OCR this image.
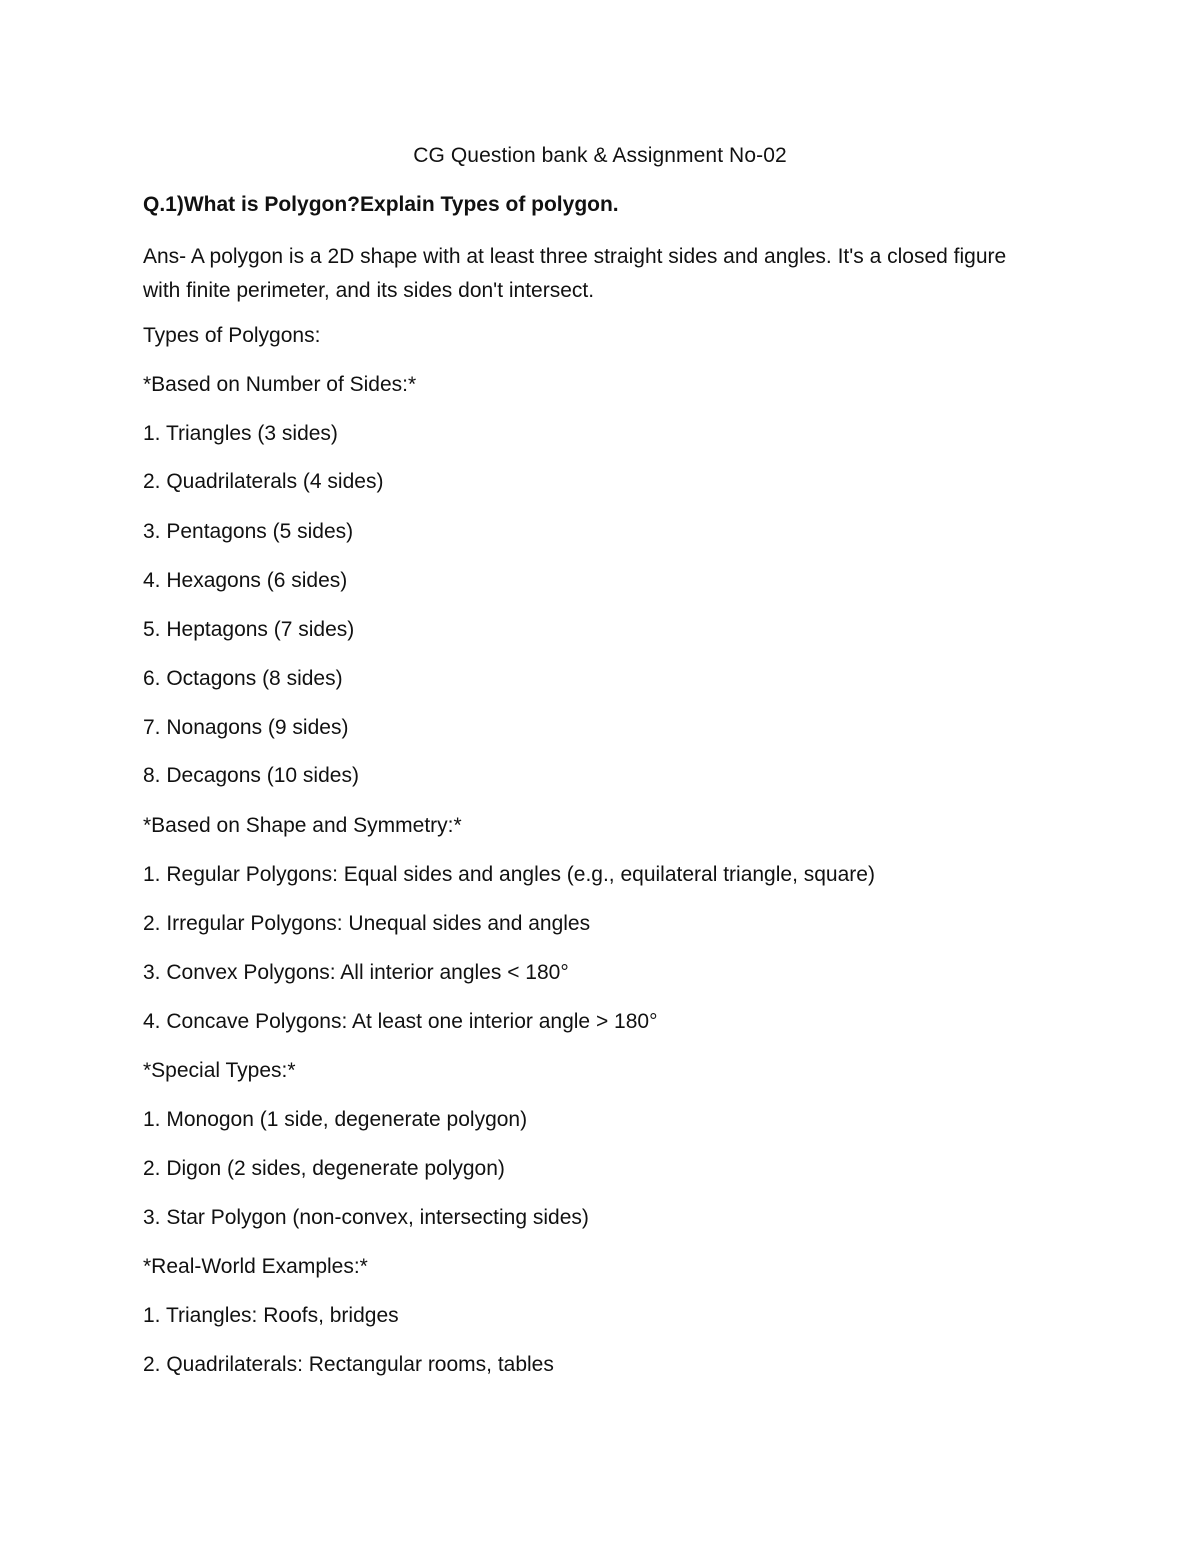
CG Question bank & Assignment No-02
Q.1)What is Polygon?Explain Types of polygon.
Ans- A polygon is a 2D shape with at least three straight sides and angles. It's a closed figure with finite perimeter, and its sides don't intersect.
Types of Polygons:
*Based on Number of Sides:*
1. Triangles (3 sides)
2. Quadrilaterals (4 sides)
3. Pentagons (5 sides)
4. Hexagons (6 sides)
5. Heptagons (7 sides)
6. Octagons (8 sides)
7. Nonagons (9 sides)
8. Decagons (10 sides)
*Based on Shape and Symmetry:*
1. Regular Polygons: Equal sides and angles (e.g., equilateral triangle, square)
2. Irregular Polygons: Unequal sides and angles
3. Convex Polygons: All interior angles < 180°
4. Concave Polygons: At least one interior angle > 180°
*Special Types:*
1. Monogon (1 side, degenerate polygon)
2. Digon (2 sides, degenerate polygon)
3. Star Polygon (non-convex, intersecting sides)
*Real-World Examples:*
1. Triangles: Roofs, bridges
2. Quadrilaterals: Rectangular rooms, tables
